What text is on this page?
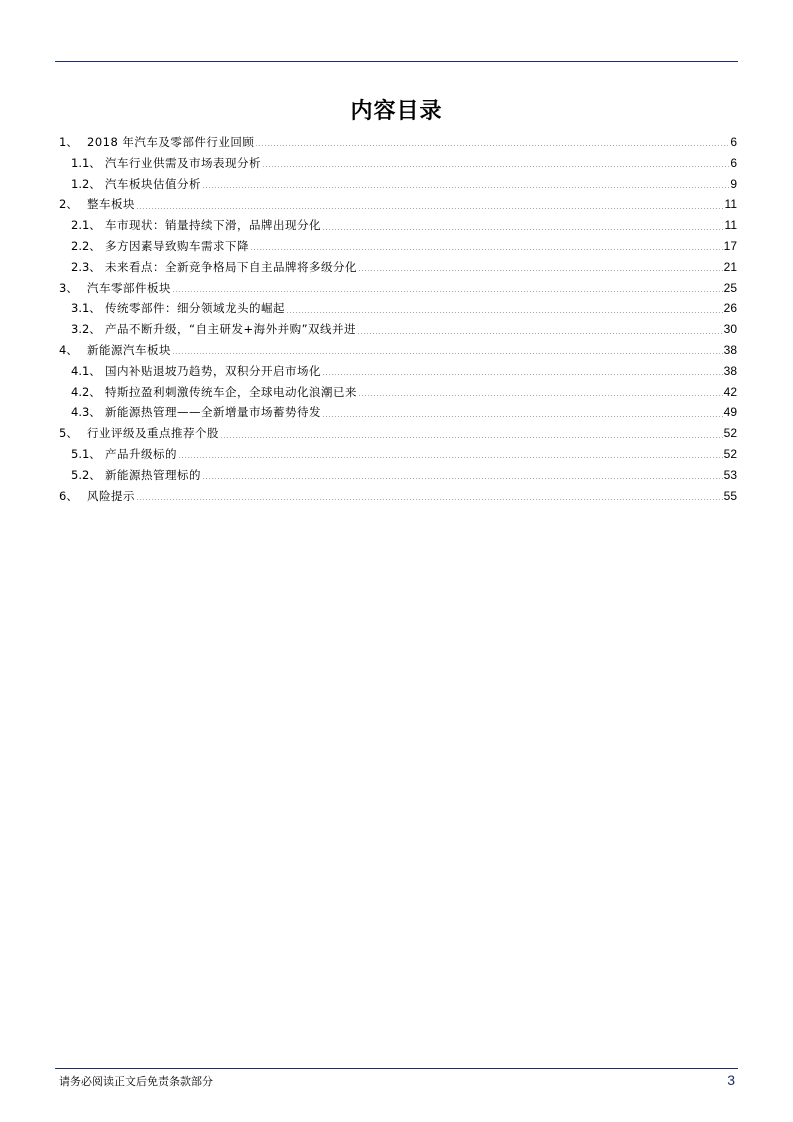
内容目录
1、 2018 年汽车及零部件行业回顾	6
1.1、 汽车行业供需及市场表现分析	6
1.2、 汽车板块估值分析	9
2、 整车板块	11
2.1、 车市现状：销量持续下滑，品牌出现分化	11
2.2、 多方因素导致购车需求下降	17
2.3、 未来看点：全新竞争格局下自主品牌将多级分化	21
3、 汽车零部件板块	25
3.1、 传统零部件：细分领域龙头的崛起	26
3.2、 产品不断升级，“自主研发+海外并购”双线并进	30
4、 新能源汽车板块	38
4.1、 国内补贴退坡乃趋势，双积分开启市场化	38
4.2、 特斯拉盈利刺激传统车企，全球电动化浪潮已来	42
4.3、 新能源热管理——全新增量市场蓄势待发	49
5、 行业评级及重点推荐个股	52
5.1、 产品升级标的	52
5.2、 新能源热管理标的	53
6、 风险提示	55
请务必阅读正文后免责条款部分	3
